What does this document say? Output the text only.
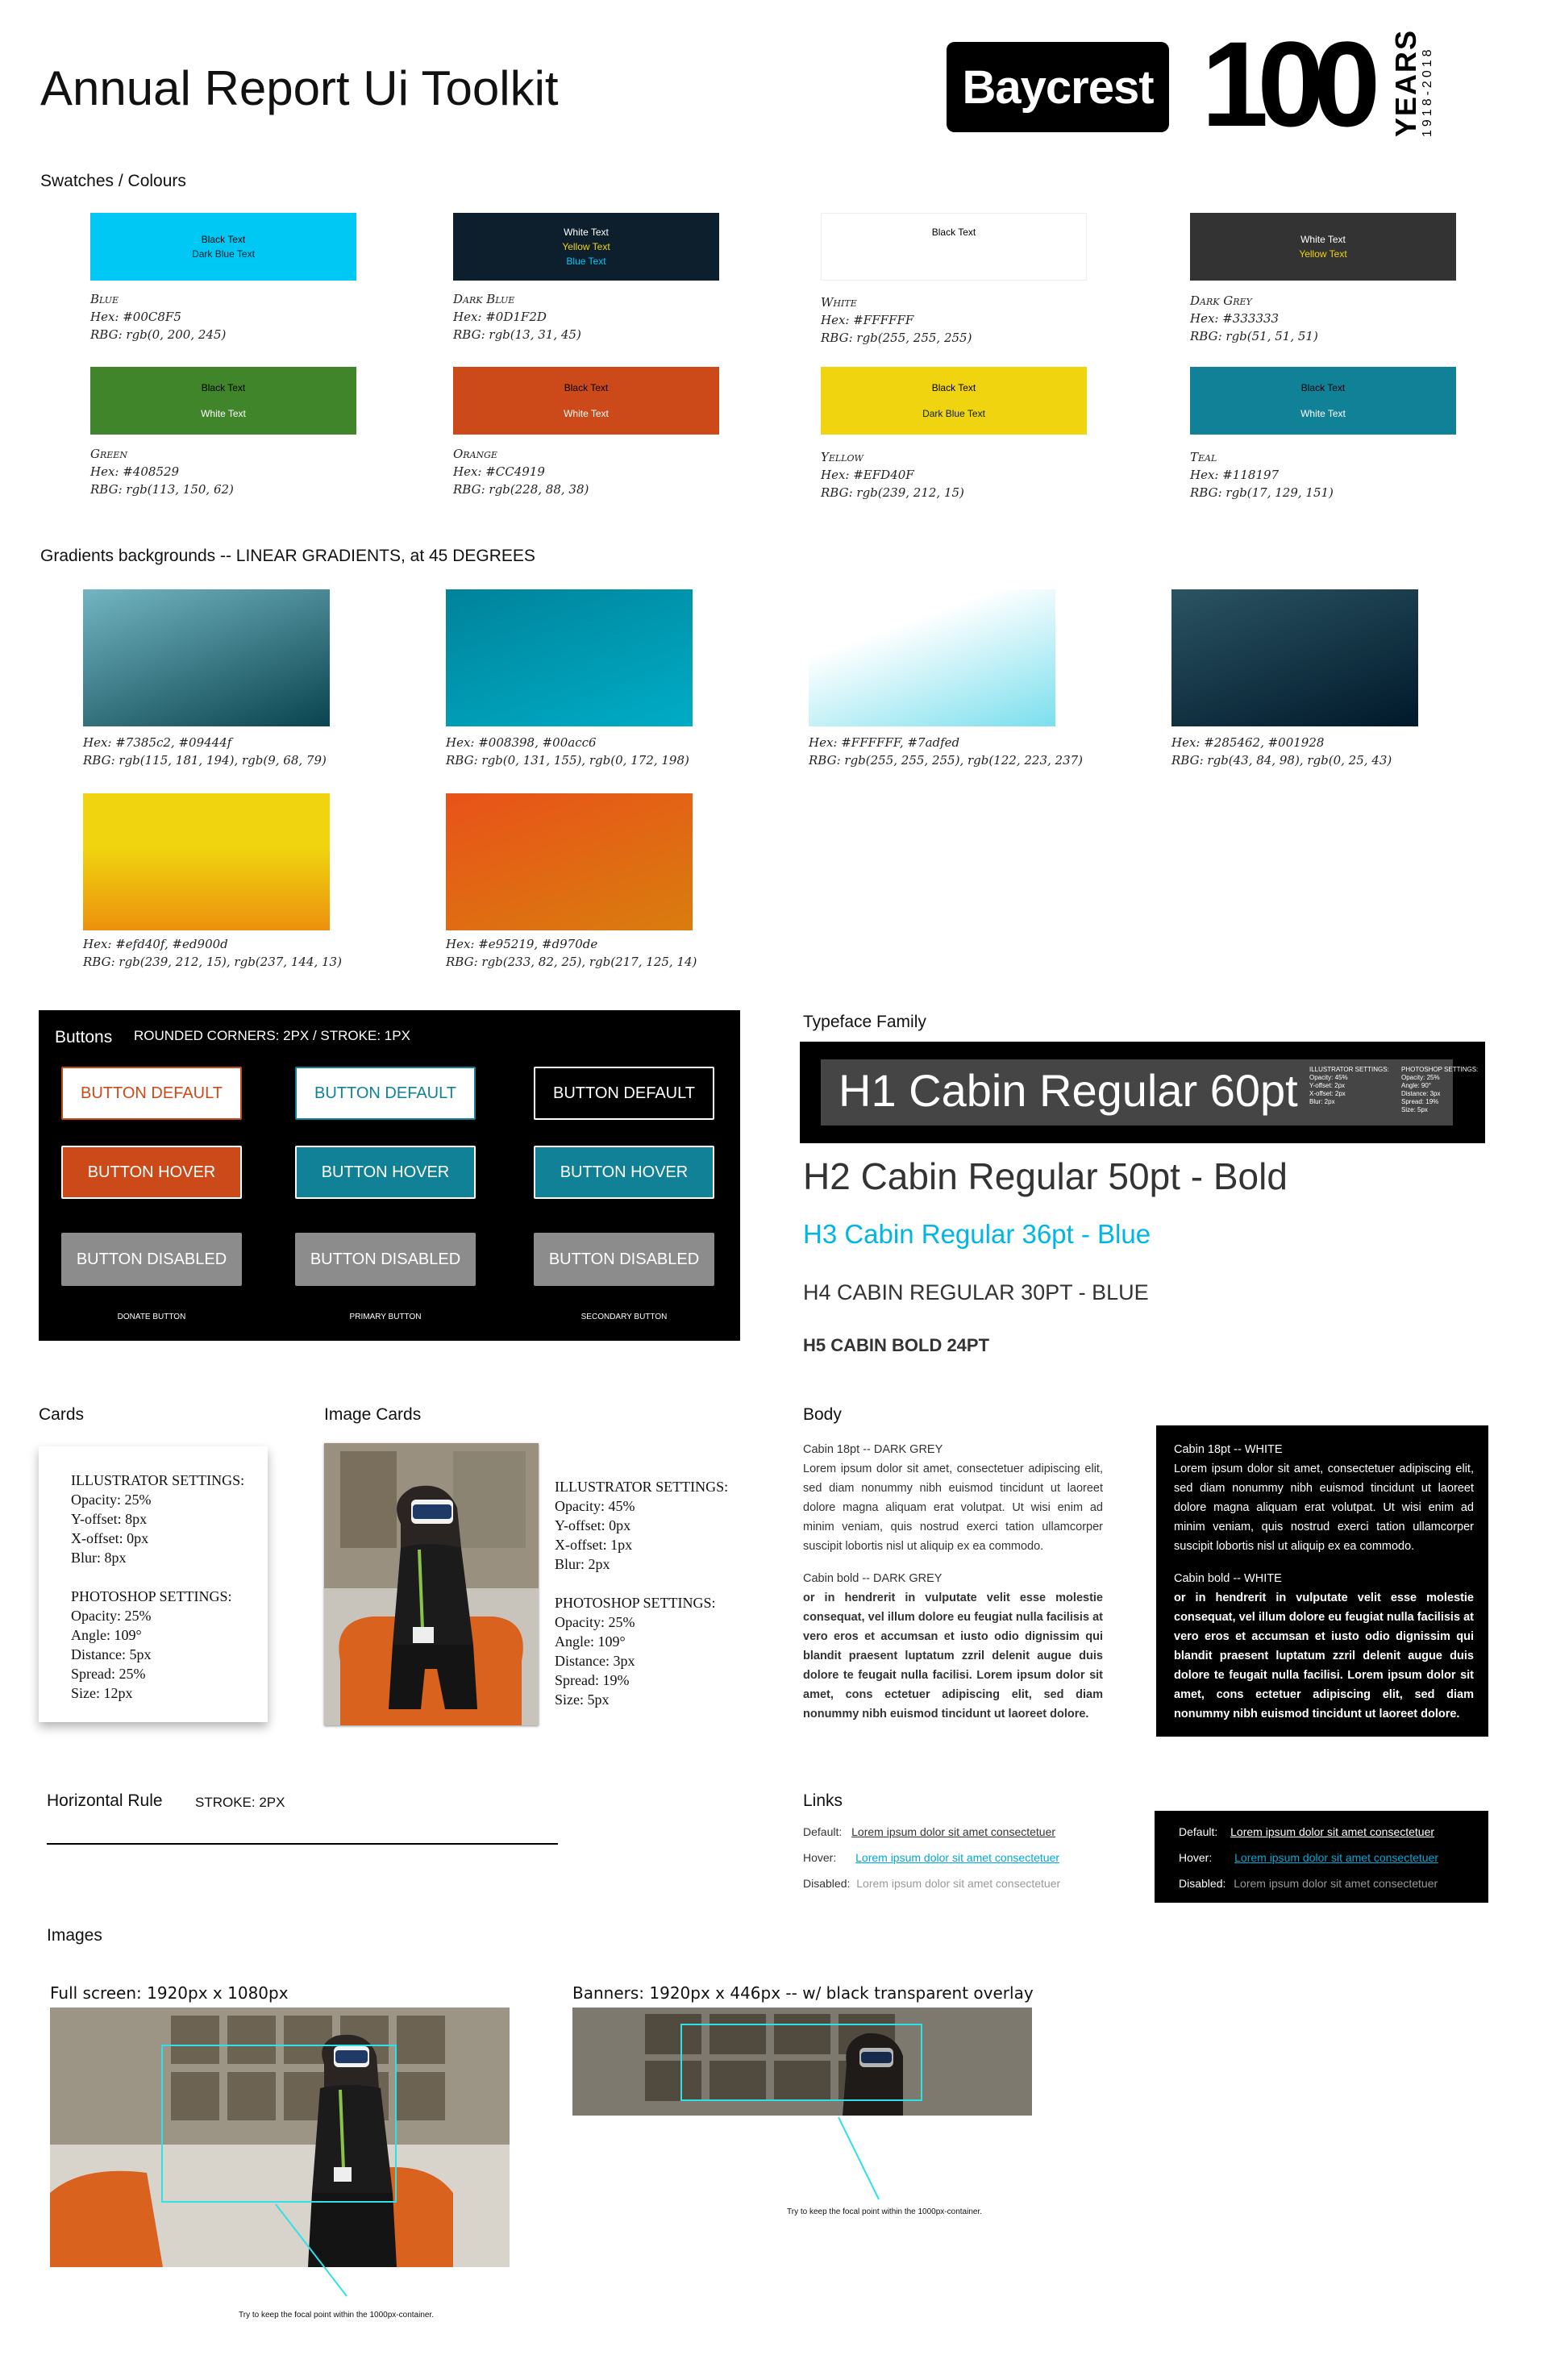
Annual Report Ui Toolkit	Baycrest 100 YEARS
1918-2018
Swatches / Colours
Black Text
Dark Blue Text
Blue
Hex: #00C8F5
RBG: rgb(0, 200, 245)
White Text
Yellow Text
Blue Text
Dark Blue
Hex: #0D1F2D
RBG: rgb(13, 31, 45)
Black Text
White
Hex: #FFFFFF
RBG: rgb(255, 255, 255)
White Text
Yellow Text
Dark Grey
Hex: #333333
RBG: rgb(51, 51, 51)
Black Text
White Text
Green
Hex: #408529
RBG: rgb(113, 150, 62)
Black Text
White Text
Orange
Hex: #CC4919
RBG: rgb(228, 88, 38)
Black Text
Dark Blue Text
Yellow
Hex: #EFD40F
RBG: rgb(239, 212, 15)
Black Text
White Text
Teal
Hex: #118197
RBG: rgb(17, 129, 151)
Gradients backgrounds -- LINEAR GRADIENTS, at 45 DEGREES
Hex: #7385c2, #09444f
RBG: rgb(115, 181, 194), rgb(9, 68, 79)
Hex: #008398, #00acc6
RBG: rgb(0, 131, 155), rgb(0, 172, 198)
Hex: #FFFFFF, #7adfed
RBG: rgb(255, 255, 255), rgb(122, 223, 237)
Hex: #285462, #001928
RBG: rgb(43, 84, 98), rgb(0, 25, 43)
Hex: #efd40f, #ed900d
RBG: rgb(239, 212, 15), rgb(237, 144, 13)
Hex: #e95219, #d970de
RBG: rgb(233, 82, 25), rgb(217, 125, 14)
Buttons ROUNDED CORNERS: 2PX / STROKE: 1PX
BUTTON DEFAULT
BUTTON HOVER
BUTTON DISABLED
DONATE BUTTON
BUTTON DEFAULT
BUTTON HOVER
BUTTON DISABLED
PRIMARY BUTTON
BUTTON DEFAULT
BUTTON HOVER
BUTTON DISABLED
SECONDARY BUTTON
Typeface Family
H1 Cabin Regular 60pt ILLUSTRATOR SETTINGS:
Opacity: 45%
Y-offset: 2px
X-offset: 2px
Blur: 2px
PHOTOSHOP SETTINGS:
Opacity: 25%
Angle: 90°
Distance: 3px
Spread: 19%
Size: 5px
H2 Cabin Regular 50pt - Bold
H3 Cabin Regular 36pt - Blue
H4 CABIN REGULAR 30PT - BLUE
H5 CABIN BOLD 24PT
Cards
ILLUSTRATOR SETTINGS:
Opacity: 25%
Y-offset: 8px
X-offset: 0px
Blur: 8px
PHOTOSHOP SETTINGS:
Opacity: 25%
Angle: 109°
Distance: 5px
Spread: 25%
Size: 12px
Image Cards
ILLUSTRATOR SETTINGS:
Opacity: 45%
Y-offset: 0px
X-offset: 1px
Blur: 2px
PHOTOSHOP SETTINGS:
Opacity: 25%
Angle: 109°
Distance: 3px
Spread: 19%
Size: 5px
Body
Cabin 18pt -- DARK GREY
Lorem ipsum dolor sit amet, consectetuer adipiscing elit, sed diam nonummy nibh euismod tincidunt ut laoreet dolore magna aliquam erat volutpat. Ut wisi enim ad minim veniam, quis nostrud exerci tation ullamcorper suscipit lobortis nisl ut aliquip ex ea commodo.
Cabin bold -- DARK GREY
or in hendrerit in vulputate velit esse molestie consequat, vel illum dolore eu feugiat nulla facilisis at vero eros et accumsan et iusto odio dignissim qui blandit praesent luptatum zzril delenit augue duis dolore te feugait nulla facilisi. Lorem ipsum dolor sit amet, cons ectetuer adipiscing elit, sed diam nonummy nibh euismod tincidunt ut laoreet dolore.
Cabin 18pt -- WHITE
Lorem ipsum dolor sit amet, consectetuer adipiscing elit, sed diam nonummy nibh euismod tincidunt ut laoreet dolore magna aliquam erat volutpat. Ut wisi enim ad minim veniam, quis nostrud exerci tation ullamcorper suscipit lobortis nisl ut aliquip ex ea commodo.
Cabin bold -- WHITE
or in hendrerit in vulputate velit esse molestie consequat, vel illum dolore eu feugiat nulla facilisis at vero eros et accumsan et iusto odio dignissim qui blandit praesent luptatum zzril delenit augue duis dolore te feugait nulla facilisi. Lorem ipsum dolor sit amet, cons ectetuer adipiscing elit, sed diam nonummy nibh euismod tincidunt ut laoreet dolore.
Horizontal Rule STROKE: 2PX	Links
Default: Lorem ipsum dolor sit amet consectetuer
Hover: Lorem ipsum dolor sit amet consectetuer
Disabled: Lorem ipsum dolor sit amet consectetuer
Default: Lorem ipsum dolor sit amet consectetuer
Hover: Lorem ipsum dolor sit amet consectetuer
Disabled: Lorem ipsum dolor sit amet consectetuer
Images
Full screen: 1920px x 1080px
Try to keep the focal point within the 1000px-container.
Banners: 1920px x 446px -- w/ black transparent overlay
Try to keep the focal point within the 1000px-container.
